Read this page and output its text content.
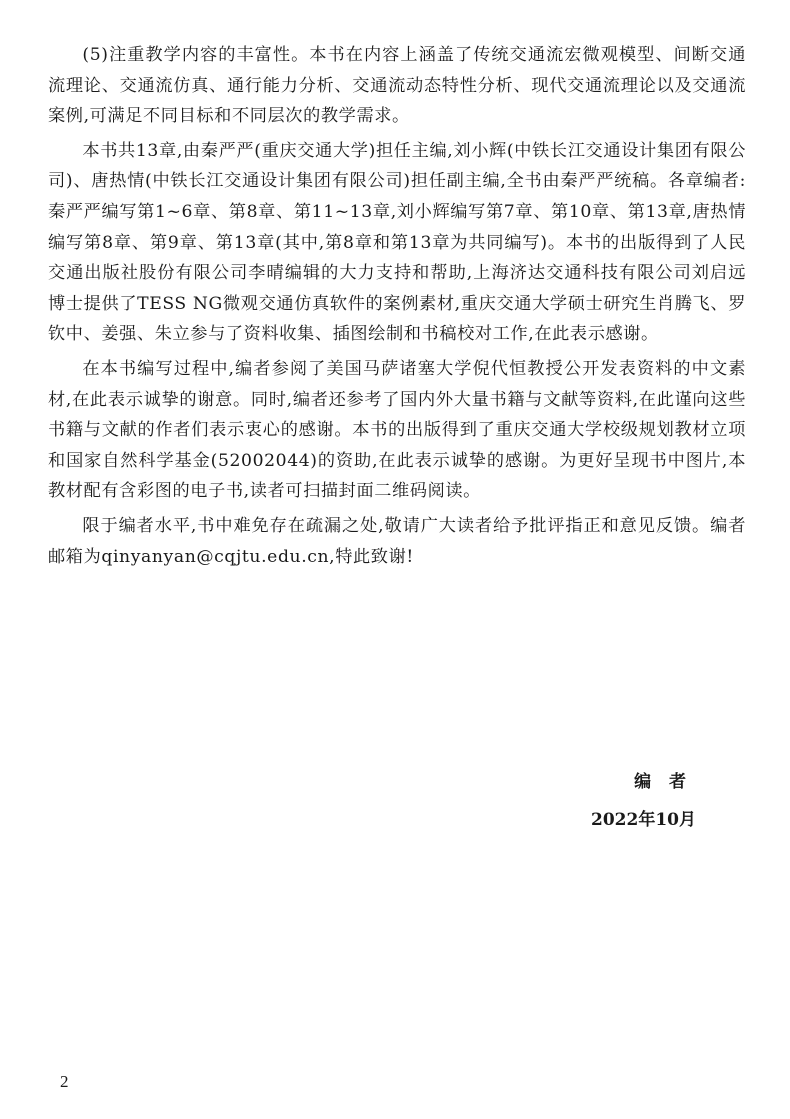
(5)注重教学内容的丰富性。本书在内容上涵盖了传统交通流宏微观模型、间断交通流理论、交通流仿真、通行能力分析、交通流动态特性分析、现代交通流理论以及交通流案例,可满足不同目标和不同层次的教学需求。

本书共13章,由秦严严(重庆交通大学)担任主编,刘小辉(中铁长江交通设计集团有限公司)、唐热情(中铁长江交通设计集团有限公司)担任副主编,全书由秦严严统稿。各章编者:秦严严编写第1~6章、第8章、第11~13章,刘小辉编写第7章、第10章、第13章,唐热情编写第8章、第9章、第13章(其中,第8章和第13章为共同编写)。本书的出版得到了人民交通出版社股份有限公司李晴编辑的大力支持和帮助,上海济达交通科技有限公司刘启远博士提供了TESS NG微观交通仿真软件的案例素材,重庆交通大学硕士研究生肖腾飞、罗钦中、姜强、朱立参与了资料收集、插图绘制和书稿校对工作,在此表示感谢。

在本书编写过程中,编者参阅了美国马萨诸塞大学倪代恒教授公开发表资料的中文素材,在此表示诚挚的谢意。同时,编者还参考了国内外大量书籍与文献等资料,在此谨向这些书籍与文献的作者们表示衷心的感谢。本书的出版得到了重庆交通大学校级规划教材立项和国家自然科学基金(52002044)的资助,在此表示诚挚的感谢。为更好呈现书中图片,本教材配有含彩图的电子书,读者可扫描封面二维码阅读。

限于编者水平,书中难免存在疏漏之处,敬请广大读者给予批评指正和意见反馈。编者邮箱为qinyanyan@cqjtu.edu.cn,特此致谢!

编 者
2022年10月
2
